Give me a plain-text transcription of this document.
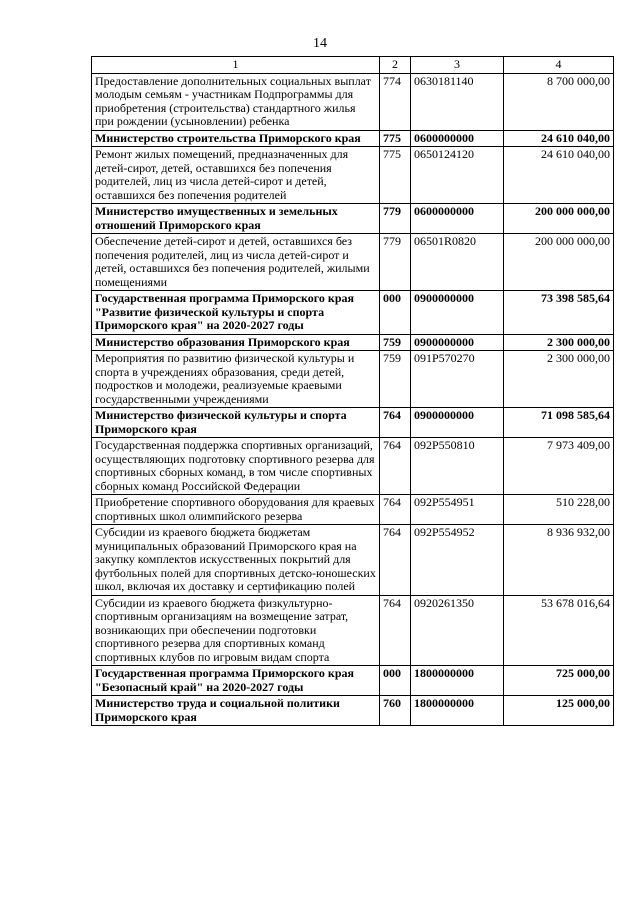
14
1	2	3	4
Предоставление дополнительных социальных выплат молодым семьям - участникам Подпрограммы для приобретения (строительства) стандартного жилья при рождении (усыновлении) ребенка	774	0630181140	8 700 000,00
Министерство строительства Приморского края	775	0600000000	24 610 040,00
Ремонт жилых помещений, предназначенных для детей-сирот, детей, оставшихся без попечения родителей, лиц из числа детей-сирот и детей, оставшихся без попечения родителей	775	0650124120	24 610 040,00
Министерство имущественных и земельных отношений Приморского края	779	0600000000	200 000 000,00
Обеспечение детей-сирот и детей, оставшихся без попечения родителей, лиц из числа детей-сирот и детей, оставшихся без попечения родителей, жилыми помещениями	779	06501R0820	200 000 000,00
Государственная программа Приморского края "Развитие физической культуры и спорта Приморского края" на 2020-2027 годы	000	0900000000	73 398 585,64
Министерство образования Приморского края	759	0900000000	2 300 000,00
Мероприятия по развитию физической культуры и спорта в учреждениях образования, среди детей, подростков и молодежи, реализуемые краевыми государственными учреждениями	759	091P570270	2 300 000,00
Министерство физической культуры и спорта Приморского края	764	0900000000	71 098 585,64
Государственная поддержка спортивных организаций, осуществляющих подготовку спортивного резерва для спортивных сборных команд, в том числе спортивных сборных команд Российской Федерации	764	092P550810	7 973 409,00
Приобретение спортивного оборудования для краевых спортивных школ олимпийского резерва	764	092P554951	510 228,00
Субсидии из краевого бюджета бюджетам муниципальных образований Приморского края на закупку комплектов искусственных покрытий для футбольных полей для спортивных детско-юношеских школ, включая их доставку и сертификацию полей	764	092P554952	8 936 932,00
Субсидии из краевого бюджета физкультурно-спортивным организациям на возмещение затрат, возникающих при обеспечении подготовки спортивного резерва для спортивных команд спортивных клубов по игровым видам спорта	764	0920261350	53 678 016,64
Государственная программа Приморского края "Безопасный край" на 2020-2027 годы	000	1800000000	725 000,00
Министерство труда и социальной политики Приморского края	760	1800000000	125 000,00
